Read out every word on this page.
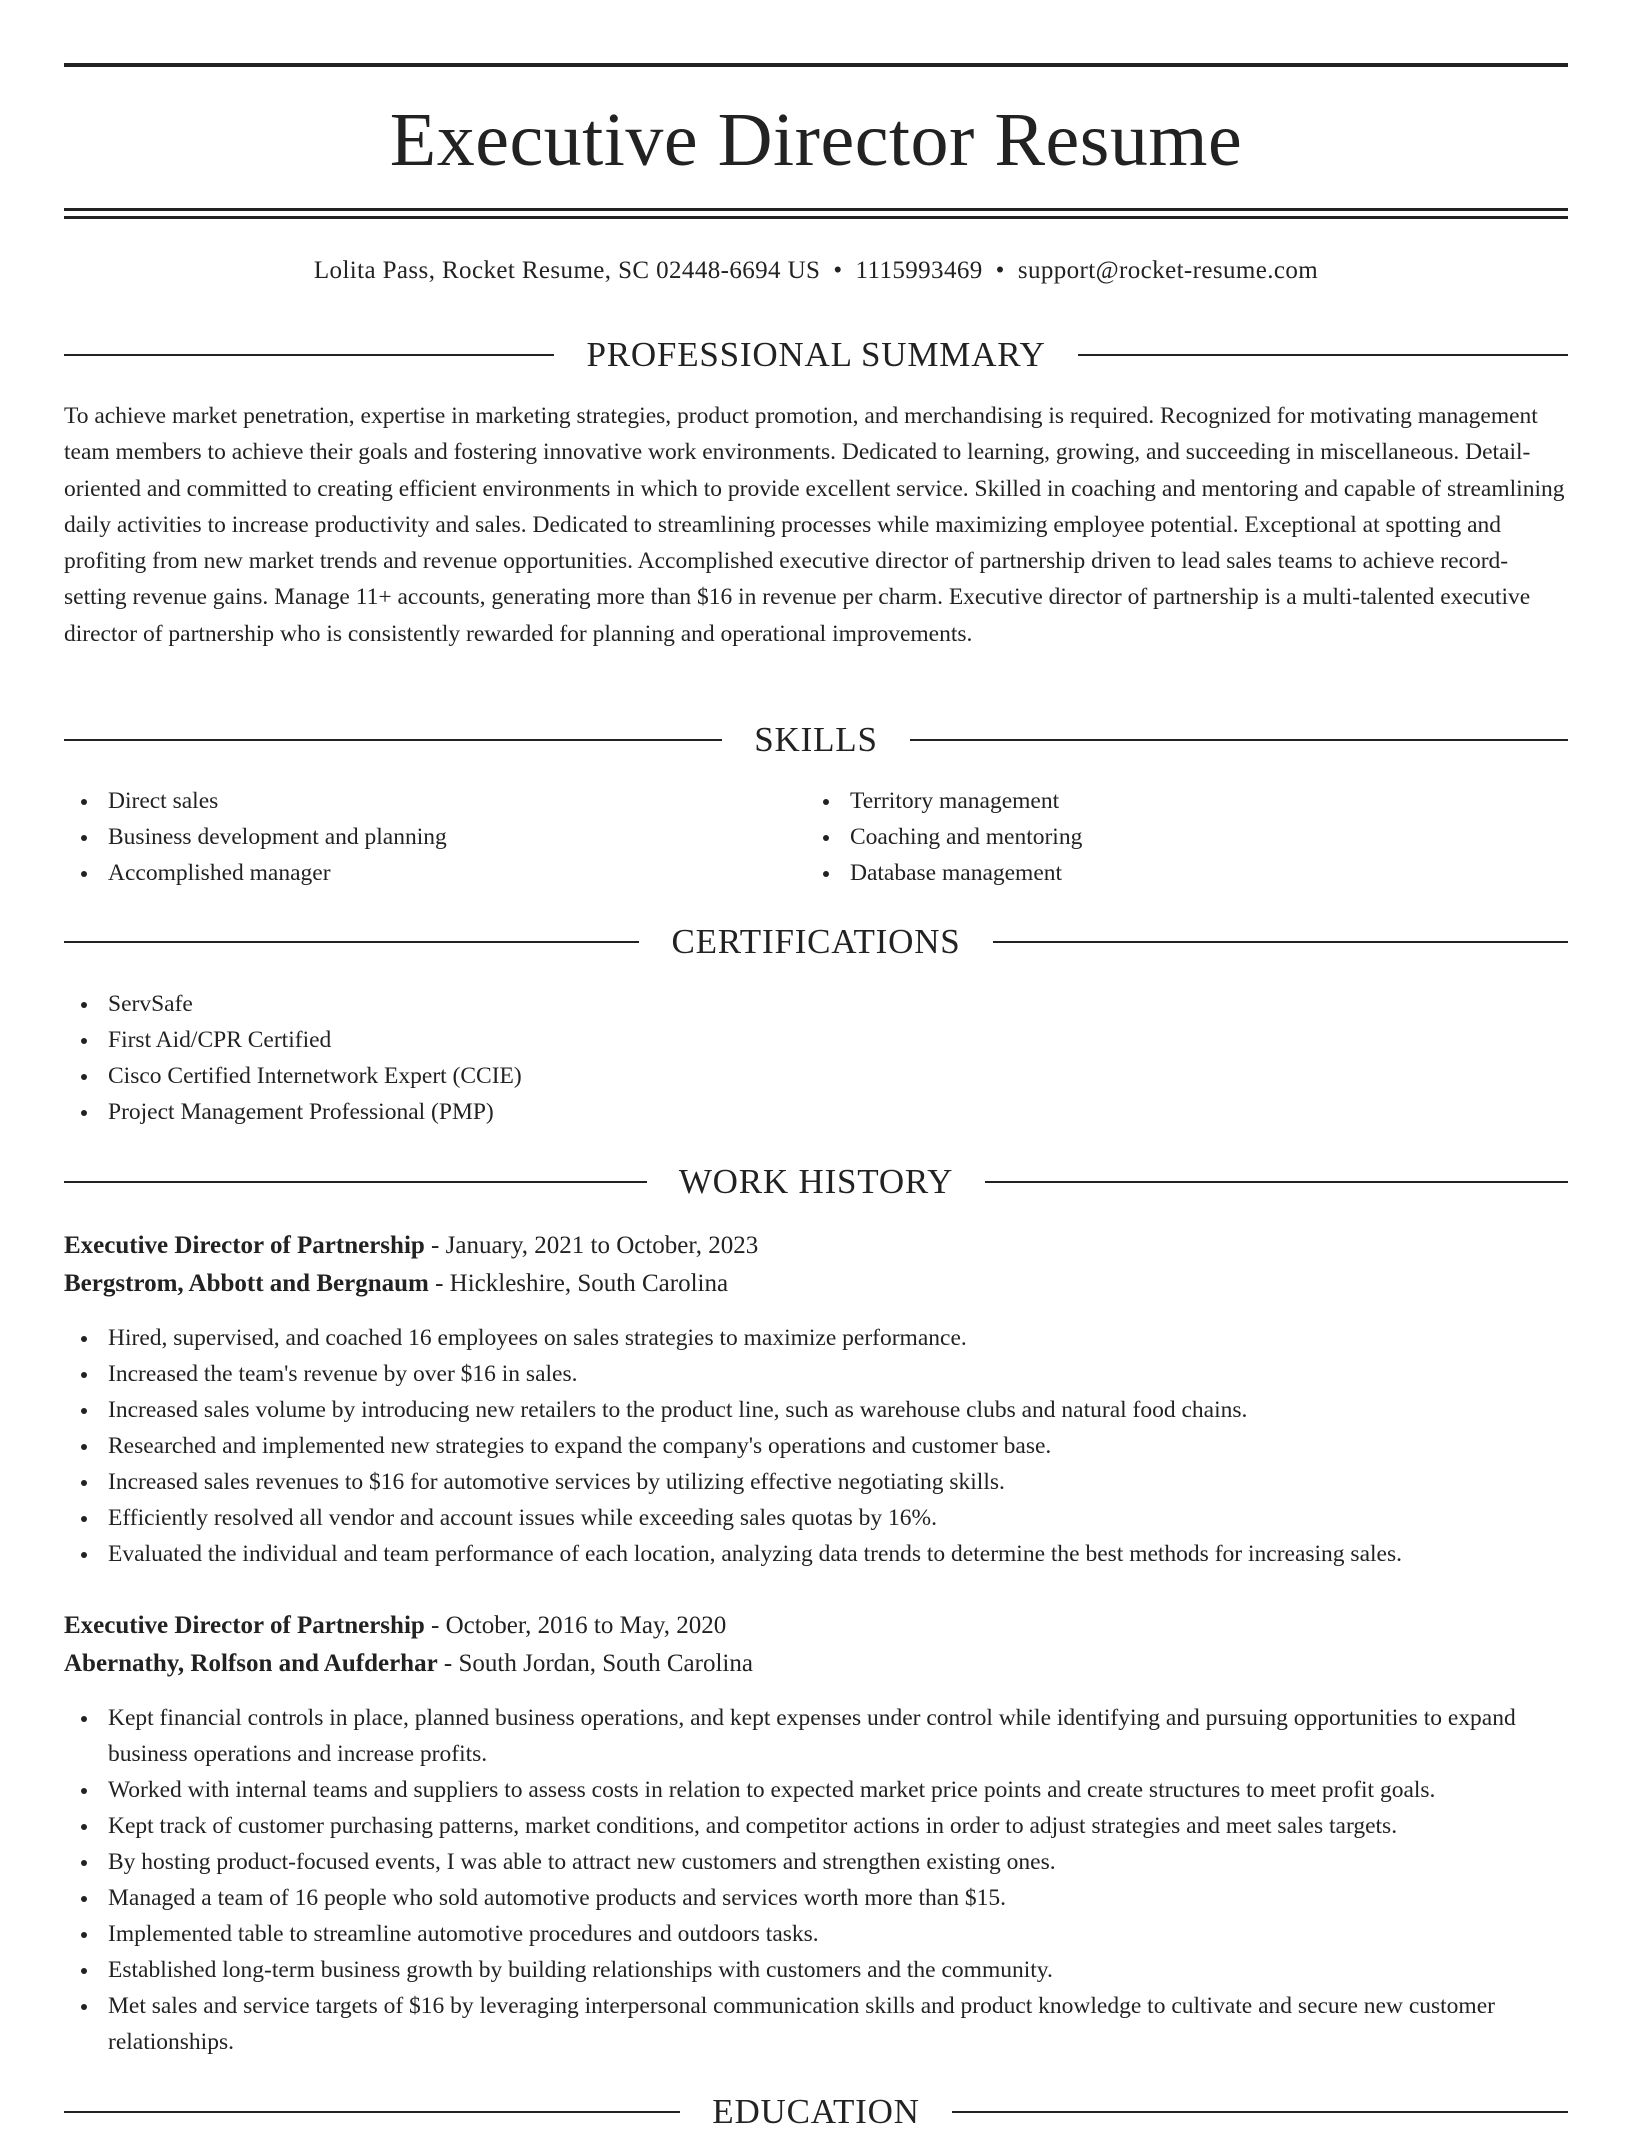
Executive Director Resume
Lolita Pass, Rocket Resume, SC 02448-6694 US • 1115993469 • support@rocket-resume.com
PROFESSIONAL SUMMARY

To achieve market penetration, expertise in marketing strategies, product promotion, and merchandising is required. Recognized for motivating management team members to achieve their goals and fostering innovative work environments. Dedicated to learning, growing, and succeeding in miscellaneous. Detail-oriented and committed to creating efficient environments in which to provide excellent service. Skilled in coaching and mentoring and capable of streamlining daily activities to increase productivity and sales. Dedicated to streamlining processes while maximizing employee potential. Exceptional at spotting and profiting from new market trends and revenue opportunities. Accomplished executive director of partnership driven to lead sales teams to achieve record-setting revenue gains. Manage 11+ accounts, generating more than $16 in revenue per charm. Executive director of partnership is a multi-talented executive director of partnership who is consistently rewarded for planning and operational improvements.

SKILLS
Direct sales
Business development and planning
Accomplished manager
Territory management
Coaching and mentoring
Database management
CERTIFICATIONS
ServSafe
First Aid/CPR Certified
Cisco Certified Internetwork Expert (CCIE)
Project Management Professional (PMP)
WORK HISTORY
Executive Director of Partnership - January, 2021 to October, 2023
Bergstrom, Abbott and Bergnaum - Hickleshire, South Carolina
Hired, supervised, and coached 16 employees on sales strategies to maximize performance.
Increased the team's revenue by over $16 in sales.
Increased sales volume by introducing new retailers to the product line, such as warehouse clubs and natural food chains.
Researched and implemented new strategies to expand the company's operations and customer base.
Increased sales revenues to $16 for automotive services by utilizing effective negotiating skills.
Efficiently resolved all vendor and account issues while exceeding sales quotas by 16%.
Evaluated the individual and team performance of each location, analyzing data trends to determine the best methods for increasing sales.
Executive Director of Partnership - October, 2016 to May, 2020
Abernathy, Rolfson and Aufderhar - South Jordan, South Carolina
Kept financial controls in place, planned business operations, and kept expenses under control while identifying and pursuing opportunities to expand business operations and increase profits.
Worked with internal teams and suppliers to assess costs in relation to expected market price points and create structures to meet profit goals.
Kept track of customer purchasing patterns, market conditions, and competitor actions in order to adjust strategies and meet sales targets.
By hosting product-focused events, I was able to attract new customers and strengthen existing ones.
Managed a team of 16 people who sold automotive products and services worth more than $15.
Implemented table to streamline automotive procedures and outdoors tasks.
Established long-term business growth by building relationships with customers and the community.
Met sales and service targets of $16 by leveraging interpersonal communication skills and product knowledge to cultivate and secure new customer relationships.
EDUCATION
